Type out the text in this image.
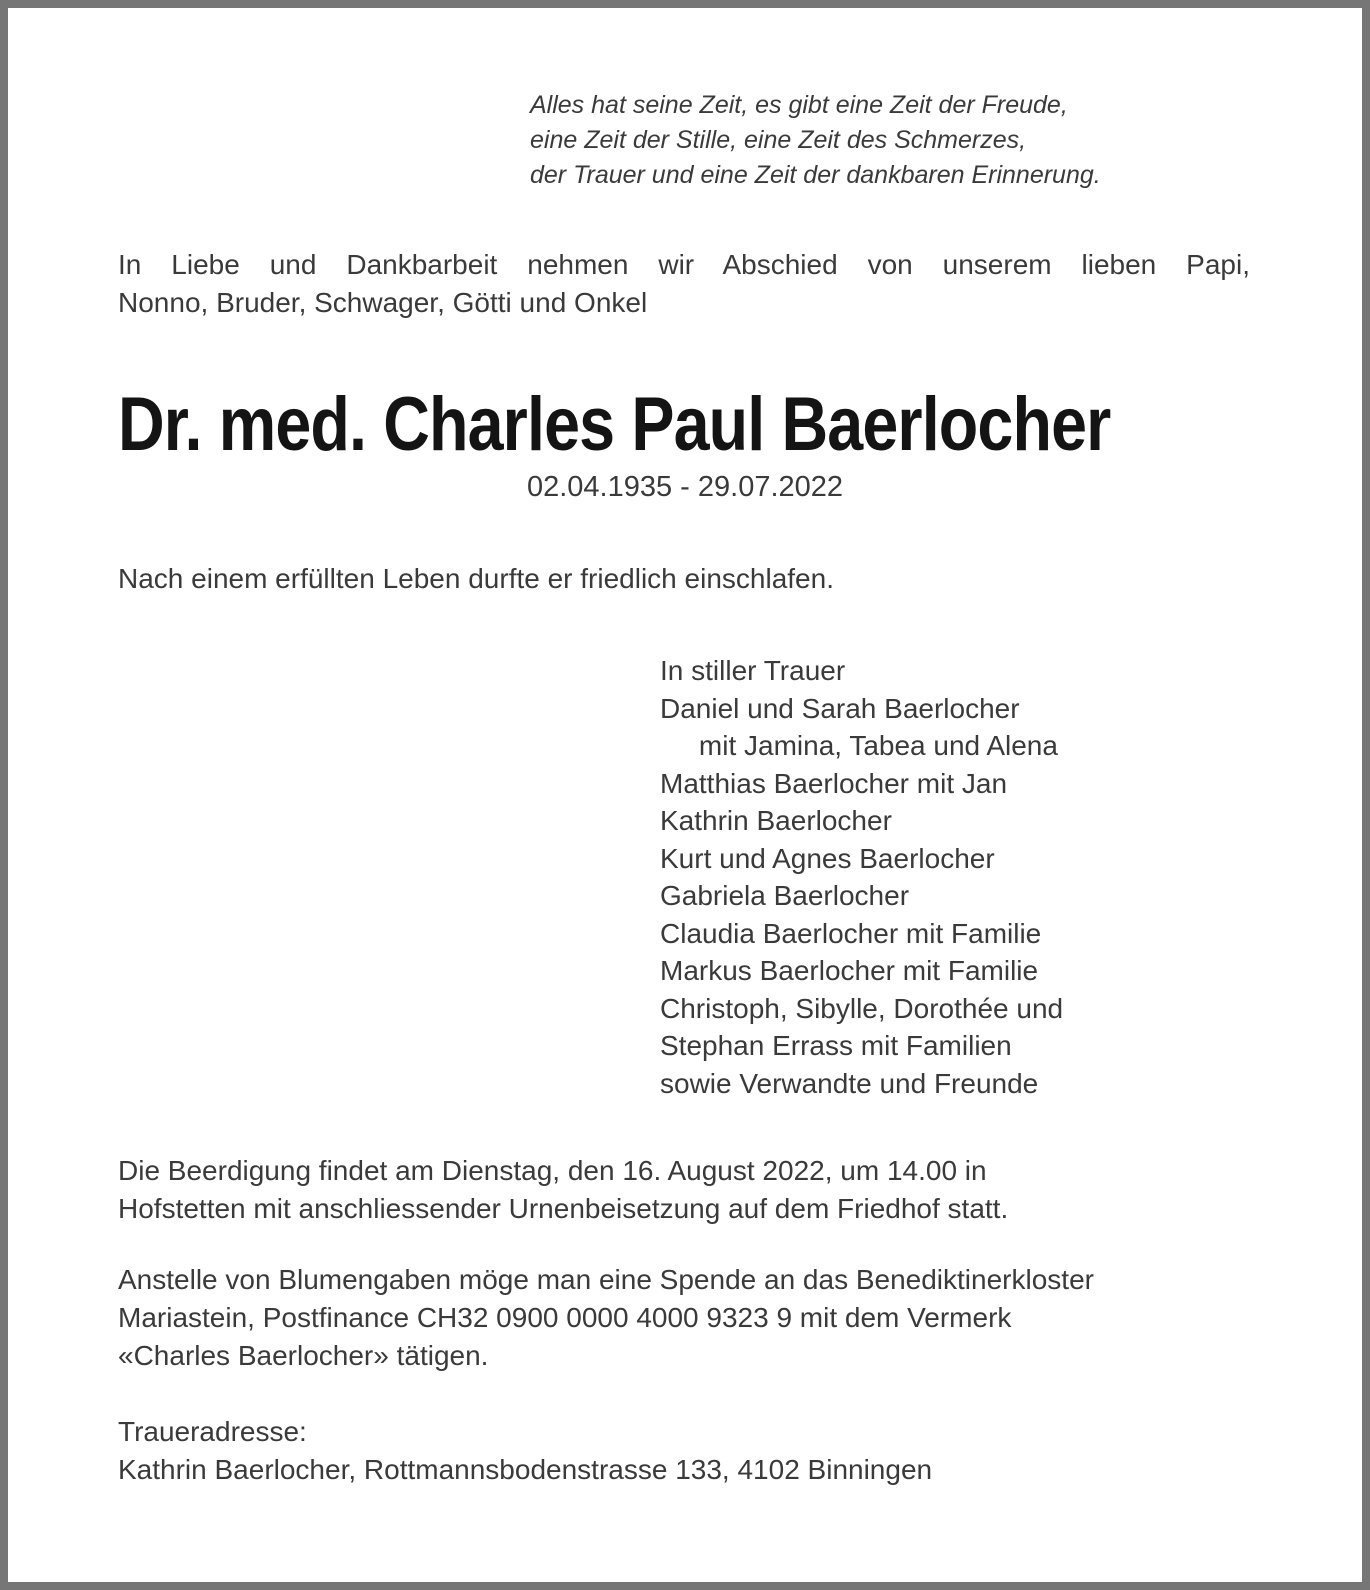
Alles hat seine Zeit, es gibt eine Zeit der Freude,
eine Zeit der Stille, eine Zeit des Schmerzes,
der Trauer und eine Zeit der dankbaren Erinnerung.
In Liebe und Dankbarbeit nehmen wir Abschied von unserem lieben Papi,
Nonno, Bruder, Schwager, Götti und Onkel
Dr. med. Charles Paul Baerlocher
02.04.1935 - 29.07.2022
Nach einem erfüllten Leben durfte er friedlich einschlafen.
In stiller Trauer
Daniel und Sarah Baerlocher
mit Jamina, Tabea und Alena
Matthias Baerlocher mit Jan
Kathrin Baerlocher
Kurt und Agnes Baerlocher
Gabriela Baerlocher
Claudia Baerlocher mit Familie
Markus Baerlocher mit Familie
Christoph, Sibylle, Dorothée und
Stephan Errass mit Familien
sowie Verwandte und Freunde
Die Beerdigung findet am Dienstag, den 16. August 2022, um 14.00 in
Hofstetten mit anschliessender Urnenbeisetzung auf dem Friedhof statt.
Anstelle von Blumengaben möge man eine Spende an das Benediktinerkloster
Mariastein, Postfinance CH32 0900 0000 4000 9323 9 mit dem Vermerk
«Charles Baerlocher» tätigen.
Traueradresse:
Kathrin Baerlocher, Rottmannsbodenstrasse 133, 4102 Binningen
